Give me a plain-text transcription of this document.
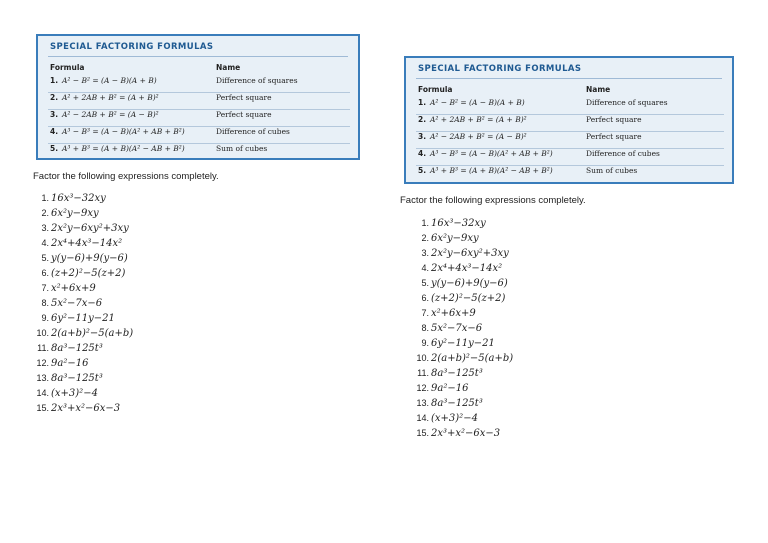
SPECIAL FACTORING FORMULAS
Formula	Name
1. A² − B² = (A − B)(A + B)	Difference of squares
2. A² + 2AB + B² = (A + B)²	Perfect square
3. A² − 2AB + B² = (A − B)²	Perfect square
4. A³ − B³ = (A − B)(A² + AB + B²)	Difference of cubes
5. A³ + B³ = (A + B)(A² − AB + B²)	Sum of cubes
Factor the following expressions completely.
1. 16x³−32xy
2. 6x²y−9xy
3. 2x²y−6xy²+3xy
4. 2x⁴+4x³−14x²
5. y(y−6)+9(y−6)
6. (z+2)²−5(z+2)
7. x²+6x+9
8. 5x²−7x−6
9. 6y²−11y−21
10. 2(a+b)²−5(a+b)
11. 8a³−125t³
12. 9a²−16
13. 8a³−125t³
14. (x+3)²−4
15. 2x³+x²−6x−3
SPECIAL FACTORING FORMULAS
Formula	Name
1. A² − B² = (A − B)(A + B)	Difference of squares
2. A² + 2AB + B² = (A + B)²	Perfect square
3. A² − 2AB + B² = (A − B)²	Perfect square
4. A³ − B³ = (A − B)(A² + AB + B²)	Difference of cubes
5. A³ + B³ = (A + B)(A² − AB + B²)	Sum of cubes
Factor the following expressions completely.
1. 16x³−32xy
2. 6x²y−9xy
3. 2x²y−6xy²+3xy
4. 2x⁴+4x³−14x²
5. y(y−6)+9(y−6)
6. (z+2)²−5(z+2)
7. x²+6x+9
8. 5x²−7x−6
9. 6y²−11y−21
10. 2(a+b)²−5(a+b)
11. 8a³−125t³
12. 9a²−16
13. 8a³−125t³
14. (x+3)²−4
15. 2x³+x²−6x−3
